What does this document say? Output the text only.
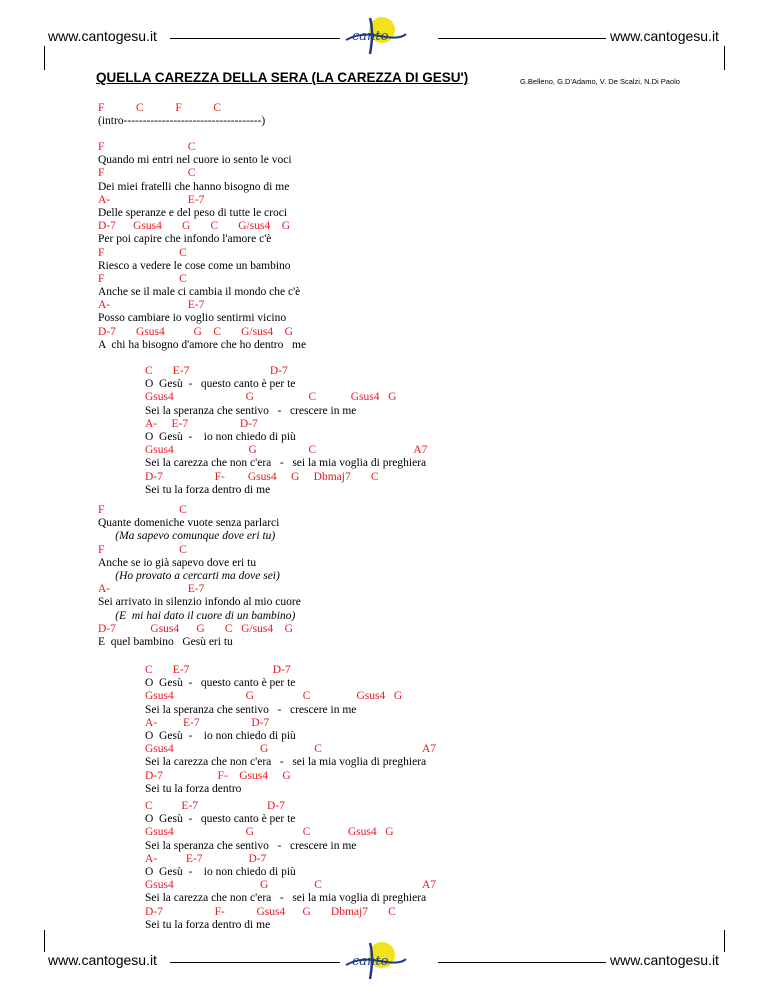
www.cantogesu.it	canto	www.cantogesu.it
QUELLA CAREZZA DELLA SERA (LA CAREZZA DI GESU')	G.Belleno, G.D'Adamo, V. De Scalzi, N.Di Paolo
F           C           F           C
(intro------------------------------------)
F                             C
Quando mi entri nel cuore io sento le voci
F                             C
Dei miei fratelli che hanno bisogno di me
A-                           E-7
Delle speranze e del peso di tutte le croci
D-7      Gsus4       G       C       G/sus4    G
Per poi capire che infondo l'amore c'è
F                          C
Riesco a vedere le cose come un bambino
F                          C
Anche se il male ci cambia il mondo che c'è
A-                           E-7
Posso cambiare io voglio sentirmi vicino
D-7       Gsus4          G    C       G/sus4    G
A  chi ha bisogno d'amore che ho dentro   me
C       E-7                            D-7
O  Gesù  -   questo canto è per te
Gsus4                         G                   C            Gsus4   G
Sei la speranza che sentivo   -   crescere in me
A-     E-7                  D-7
O  Gesù  -    io non chiedo di più
Gsus4                          G                  C                                  A7
Sei la carezza che non c'era   -   sei la mia voglia di preghiera
D-7                  F-        Gsus4     G     Dbmaj7       C
Sei tu la forza dentro di me
F                          C
Quante domeniche vuote senza parlarci
(Ma sapevo comunque dove eri tu)
F                          C
Anche se io già sapevo dove eri tu
(Ho provato a cercarti ma dove sei)
A-                           E-7
Sei arrivato in silenzio infondo al mio cuore
(E  mi hai dato il cuore di un bambino)
D-7            Gsus4      G       C   G/sus4    G
E  quel bambino   Gesù eri tu
C       E-7                             D-7
O  Gesù  -   questo canto è per te
Gsus4                         G                 C                Gsus4   G
Sei la speranza che sentivo   -   crescere in me
A-         E-7                  D-7
O  Gesù  -    io non chiedo di più
Gsus4                              G                C                                   A7
Sei la carezza che non c'era   -   sei la mia voglia di preghiera
D-7                   F-    Gsus4     G
Sei tu la forza dentro
C          E-7                        D-7
O  Gesù  -   questo canto è per te
Gsus4                         G                 C             Gsus4   G
Sei la speranza che sentivo   -   crescere in me
A-          E-7                D-7
O  Gesù  -    io non chiedo di più
Gsus4                              G                C                                   A7
Sei la carezza che non c'era   -   sei la mia voglia di preghiera
D-7                  F-           Gsus4      G       Dbmaj7       C
Sei tu la forza dentro di me
www.cantogesu.it	canto	www.cantogesu.it
